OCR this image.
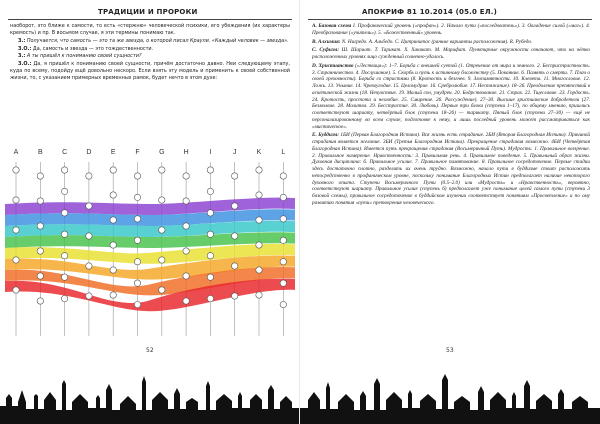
ТРАДИЦИИ И ПРОРОКИ

наоборот, это ближе к самости, то есть «стержню» человеческой психики, его убеждения (их характеры кремость) и пр. В восьмом случае, я эти термины понимаю так.

З.: Получается, что самость — это та же звезда, о которой писал Краули. «Каждый человек — звезда».

З.О.: Да, самость и звезда — это тождественности.

З.: А ты пришёл к пониманию своей сущности?

З.О.: Да, я пришёл к пониманию своей сущности, причём достаточно давно. Неи следующему этапу, куда по всему, подойду ещё довольно нескоро. Если взять эту модель и применить к своей собственной жизни, то, с указанием примерных временных рамок, будет нечто в этом духе:

A	B	C	D	E	F	G	H	I	J	K	L
52
АПОКРИФ 81 10.2014 (05.0 ЕЛ.)

A. Базовая схема I. Профанический уровень («профан»). 2. Начало пути («последователь»). 3. Овладение силой («маг»). 4. Преобразование («учитель»). 5. «Божественный» уровень.

B. Алхимия: N. Нигредо. A. Альбедо. C. Цитринитас (ранние варианты расположения). R. Рубедо.

C. Суфизм: Ш. Шариат. Т. Тарикат. Х. Хакикат. М. Марифат. Пунктирные окружности означают, что на чётко расположенных уровнях лицо сужденный солнечно-удалось.

D. Христианство («Лествица»): 1–7. Борьба с внешней суетой (1. Отречение от мира и земного. 2. Беспристрастность. 3. Странничество. 4. Послушание). 5. Скорбь и путь к истинному блаженству (5. Покаяние. 6. Память о смерти. 7. Плач о своей греховности). Борьба со страстями (8. Кротость и безгнев. 9. Злопамятности. 10. Клевета. 11. Многословие. 12. Ложь. 13. Уныние. 14. Чревоугодие. 15. Целомудрие. 16. Сребролюбие. 17. Нестяжание). 18–26. Преодоление препятствий в аскетической жизни (18. Нечувствие. 19. Малый сон, умудрен. 20. Бодрствование. 21. Страх. 22. Тщеславие. 23. Гордость. 24. Кротость, простота и незлобие. 25. Смирение. 26. Рассуждение). 27–30. Высшие христианские добродетели (27. Безмолвие. 28. Молитва. 29. Бесстрастие. 30. Любовь). Первые три блока (ступени 1–17), по общему мнению, пришлись соответствуют шариату, четвёртый блок (ступени 18–26) — тарикату. Пятый блок (ступени 27–30) — ещё не персонализированному во всем случае, подготовке к нему, и лишь последний уровень может рассматриваться как «мистическое».

E. Буддизм: 1БИ (Первая Благородная Истина). Вся жизнь есть страдание. 2БИ (Вторая Благородная Истина). Причиной страдания является желание. 3БИ (Третья Благородная Истина). Прекращение страдания возможно. 4БИ (Четвёртая Благородная Истина). Имеется путь прекращения страдания (Восьмеричный Путь). Мудрость: 1. Правильное воззрение. 2. Правильное намерение. Нравственность: 3. Правильная речь. 4. Правильное поведение. 5. Правильный образ жизни. Духовная дисциплина: 6. Правильное усилие. 7. Правильное памятование. 8. Правильное сосредоточение. Первые стадии здесь достаточно плотно, разделить их очень трудно. Возможно, начало пути в буддизме стоит расположить непосредственно в профаническом уровне, поскольку понимание Благородных Истин предполагает наличие некоторого духовного опыта. Ступени Восьмеричного Пути (0.5–2.0) или «Мудрость» и «Нравственность», вероятно, соответствуют шариату. Правильное усилие (ступень 6) предполагает уже понимание целей самого пути (ступени 3 базовой схемы), правильное сосредоточение в буддийском изучении соответствует понятиям «Просветление» и по ому развитию понятия «пути» претворения человеческого.

53
